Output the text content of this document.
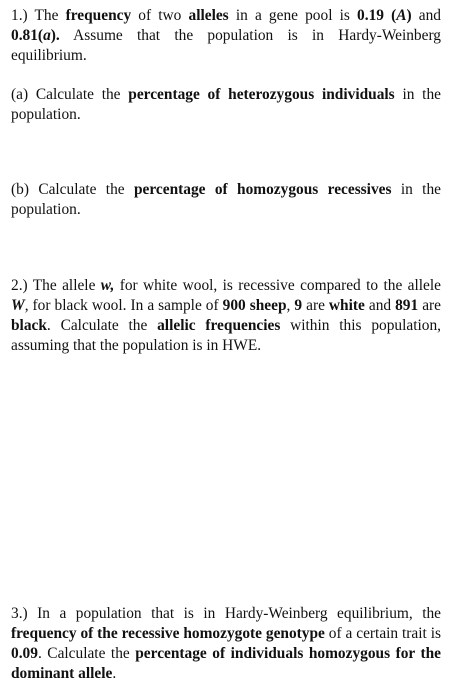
1.) The frequency of two alleles in a gene pool is 0.19 (A) and 0.81(a). Assume that the population is in Hardy-Weinberg equilibrium.

(a) Calculate the percentage of heterozygous individuals in the population.

(b) Calculate the percentage of homozygous recessives in the population.

2.) The allele w, for white wool, is recessive compared to the allele W, for black wool. In a sample of 900 sheep, 9 are white and 891 are black. Calculate the allelic frequencies within this population, assuming that the population is in HWE.

3.) In a population that is in Hardy-Weinberg equilibrium, the frequency of the recessive homozygote genotype of a certain trait is 0.09. Calculate the percentage of individuals homozygous for the dominant allele.
